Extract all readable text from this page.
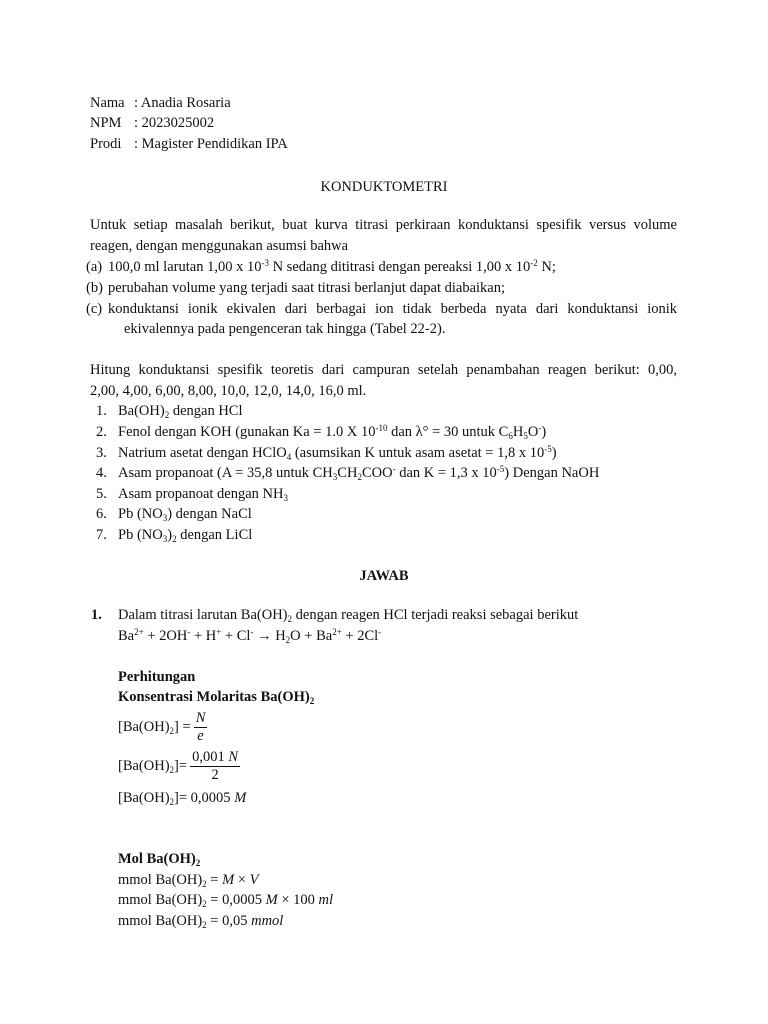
Nama : Anadia Rosaria
NPM : 2023025002
Prodi : Magister Pendidikan IPA
KONDUKTOMETRI
Untuk setiap masalah berikut, buat kurva titrasi perkiraan konduktansi spesifik versus volume
reagen, dengan menggunakan asumsi bahwa
(a) 100,0 ml larutan 1,00 x $10^{-3}$ N sedang dititrasi dengan pereaksi 1,00 x $10^{-2}$ N;
(b) perubahan volume yang terjadi saat titrasi berlanjut dapat diabaikan;
(c) konduktansi ionik ekivalen dari berbagai ion tidak berbeda nyata dari konduktansi ionik
ekivalennya pada pengenceran tak hingga (Tabel 22-2).
Hitung konduktansi spesifik teoretis dari campuran setelah penambahan reagen berikut: 0,00,
2,00, 4,00, 6,00, 8,00, 10,0, 12,0, 14,0, 16,0 ml.
1. $Ba(OH)_2$ dengan HCl
2. Fenol dengan KOH (gunakan Ka = 1.0 X $10^{-10}$ dan λ° = 30 untuk $C_6H_5O^-$)
3. Natrium asetat dengan HClO$_4$ (asumsikan K untuk asam asetat = 1,8 x $10^{-5}$)
4. Asam propanoat (A = 35,8 untuk $CH_3CH_2COO^-$ dan K = 1,3 x $10^{-5}$) Dengan NaOH
5. Asam propanoat dengan $NH_3$
6. Pb $(NO_3)$ dengan NaCl
7. Pb $(NO_3)_2$ dengan LiCl
JAWAB
1. Dalam titrasi larutan $Ba(OH)_2$ dengan reagen HCl terjadi reaksi sebagai berikut
$Ba^{2+} + 2OH^- + H^+ + Cl^- \to H_2O + Ba^{2+} + 2Cl^-$
Perhitungan
Konsentrasi Molaritas $Ba(OH)_2$
$[Ba(OH)_2] = \frac{N}{e}$
$[Ba(OH)_2]= \frac{0,001 N}{2}$
$[Ba(OH)_2]= 0,0005$ M
Mol $Ba(OH)_2$
mmol $Ba(OH)_2 = M \times V$
mmol $Ba(OH)_2 = 0,0005$ M × 100 ml
mmol $Ba(OH)_2 = 0,05$ mmol
